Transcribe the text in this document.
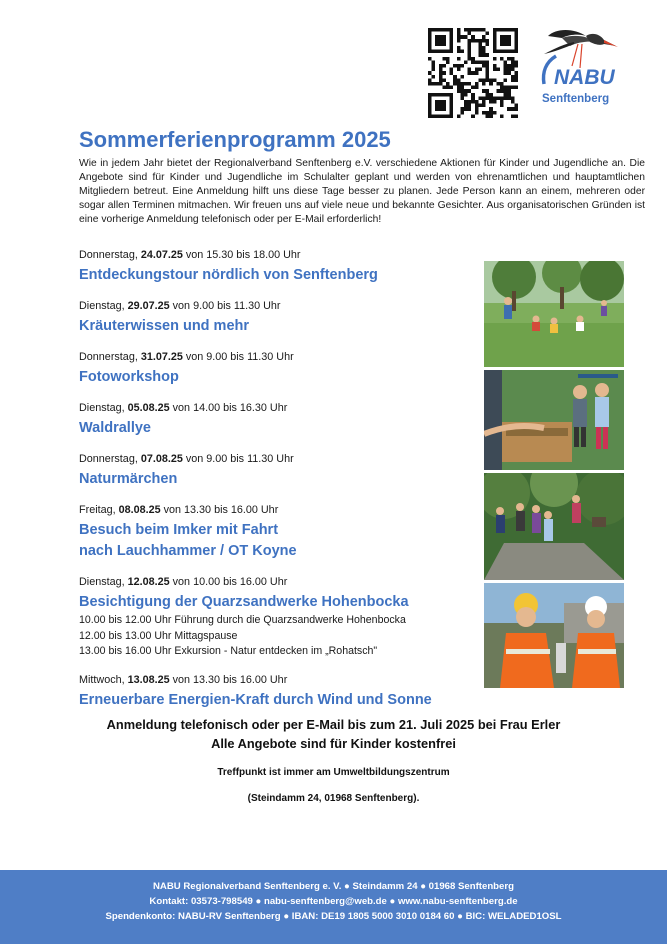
NABU
Senftenberg
Sommerferienprogramm 2025
Wie in jedem Jahr bietet der Regionalverband Senftenberg e.V. verschiedene Aktionen für Kinder und Jugendliche an. Die Angebote sind für Kinder und Jugendliche im Schulalter geplant und werden von ehrenamtlichen und hauptamtlichen Mitgliedern betreut. Eine Anmeldung hilft uns diese Tage besser zu planen. Jede Person kann an einem, mehreren oder sogar allen Terminen mitmachen. Wir freuen uns auf viele neue und bekannte Gesichter. Aus organisatorischen Gründen ist eine vorherige Anmeldung telefonisch oder per E-Mail erforderlich!
Donnerstag, 24.07.25 von 15.30 bis 18.00 Uhr
Entdeckungstour nördlich von Senftenberg
Dienstag, 29.07.25 von 9.00 bis 11.30 Uhr
Kräuterwissen und mehr
Donnerstag, 31.07.25 von 9.00 bis 11.30 Uhr
Fotoworkshop
Dienstag, 05.08.25 von 14.00 bis 16.30 Uhr
Waldrallye
Donnerstag, 07.08.25 von 9.00 bis 11.30 Uhr
Naturmärchen
Freitag, 08.08.25 von 13.30 bis 16.00 Uhr
Besuch beim Imker mit Fahrt
nach Lauchhammer / OT Koyne
Dienstag, 12.08.25 von 10.00 bis 16.00 Uhr
Besichtigung der Quarzsandwerke Hohenbocka
10.00 bis 12.00 Uhr Führung durch die Quarzsandwerke Hohenbocka
12.00 bis 13.00 Uhr Mittagspause
13.00 bis 16.00 Uhr Exkursion - Natur entdecken im „Rohatsch"
Mittwoch, 13.08.25 von 13.30 bis 16.00 Uhr
Erneuerbare Energien-Kraft durch Wind und Sonne
Anmeldung telefonisch oder per E-Mail bis zum 21. Juli 2025 bei Frau Erler
Alle Angebote sind für Kinder kostenfrei
Treffpunkt ist immer am Umweltbildungszentrum
(Steindamm 24, 01968 Senftenberg).
NABU Regionalverband Senftenberg e. V. ● Steindamm 24 ● 01968 Senftenberg
Kontakt: 03573-798549 ● nabu-senftenberg@web.de ● www.nabu-senftenberg.de
Spendenkonto: NABU-RV Senftenberg ● IBAN: DE19 1805 5000 3010 0184 60 ● BIC: WELADED1OSL
